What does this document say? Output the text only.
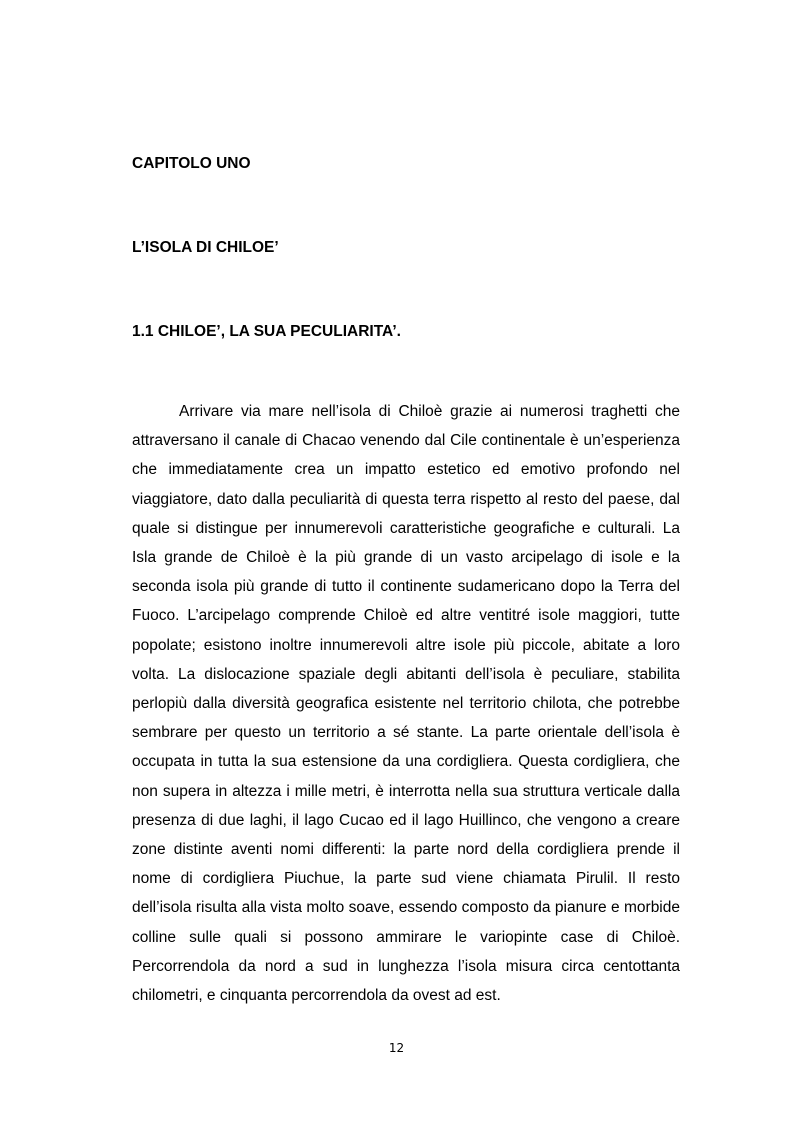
CAPITOLO UNO
L’ISOLA DI CHILOE’
1.1 CHILOE’, LA SUA PECULIARITA’.

Arrivare via mare nell’isola di Chiloè grazie ai numerosi traghetti che attraversano il canale di Chacao venendo dal Cile continentale è un’esperienza che immediatamente crea un impatto estetico ed emotivo profondo nel viaggiatore, dato dalla peculiarità di questa terra rispetto al resto del paese, dal quale si distingue per innumerevoli caratteristiche geografiche e culturali. La Isla grande de Chiloè è la più grande di un vasto arcipelago di isole e la seconda isola più grande di tutto il continente sudamericano dopo la Terra del Fuoco. L’arcipelago comprende Chiloè ed altre ventitré isole maggiori, tutte popolate; esistono inoltre innumerevoli altre isole più piccole, abitate a loro volta. La dislocazione spaziale degli abitanti dell’isola è peculiare, stabilita perlopiù dalla diversità geografica esistente nel territorio chilota, che potrebbe sembrare per questo un territorio a sé stante. La parte orientale dell’isola è occupata in tutta la sua estensione da una cordigliera. Questa cordigliera, che non supera in altezza i mille metri, è interrotta nella sua struttura verticale dalla presenza di due laghi, il lago Cucao ed il lago Huillinco, che vengono a creare zone distinte aventi nomi differenti: la parte nord della cordigliera prende il nome di cordigliera Piuchue, la parte sud viene chiamata Pirulil. Il resto dell’isola risulta alla vista molto soave, essendo composto da pianure e morbide colline sulle quali si possono ammirare le variopinte case di Chiloè. Percorrendola da nord a sud in lunghezza l’isola misura circa centottanta chilometri, e cinquanta percorrendola da ovest ad est.

12
